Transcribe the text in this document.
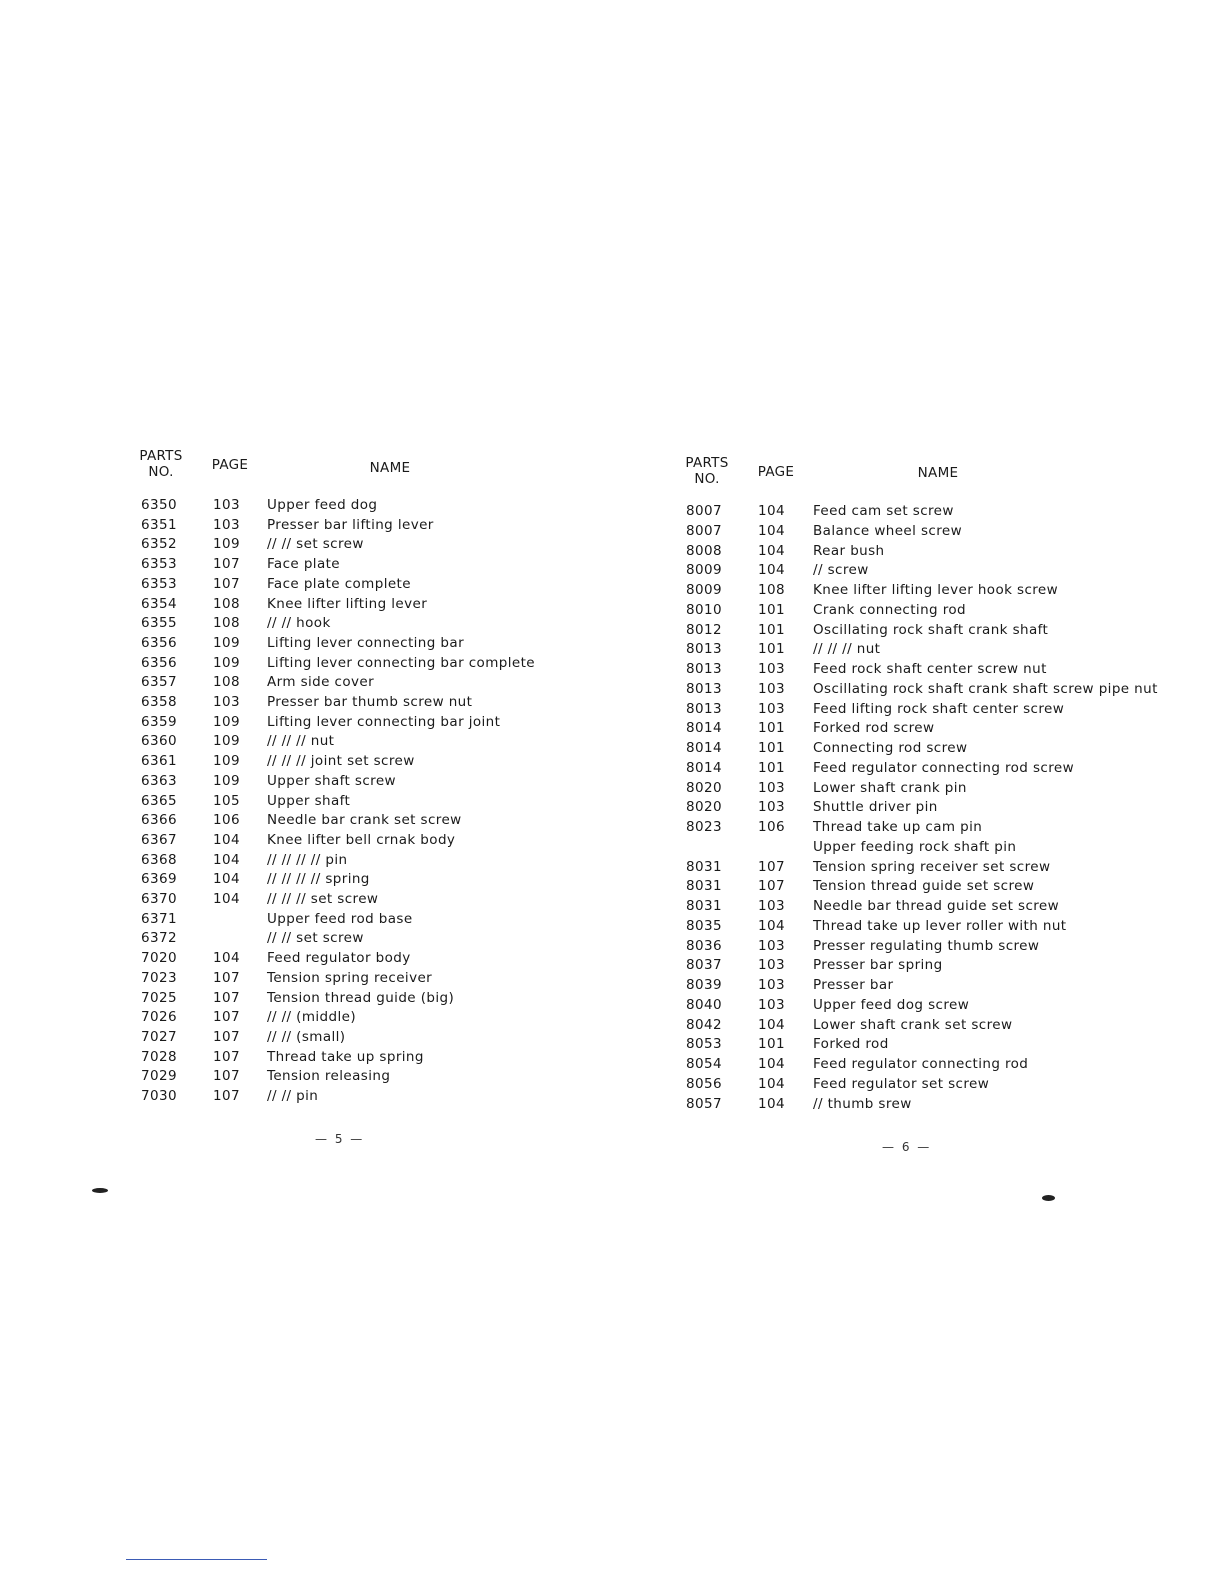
PARTS NO.	PAGE	NAME
6350	103 Upper feed dog
6351	103 Presser bar lifting lever
6352	109 // // set screw
6353	107 Face plate
6353	107 Face plate complete
6354	108 Knee lifter lifting lever
6355	108 // // hook
6356	109 Lifting lever connecting bar
6356	109 Lifting lever connecting bar complete
6357	108 Arm side cover
6358	103 Presser bar thumb screw nut
6359	109 Lifting lever connecting bar joint
6360	109 // // // nut
6361	109 // // // joint set screw
6363	109 Upper shaft screw
6365	105 Upper shaft
6366	106 Needle bar crank set screw
6367	104 Knee lifter bell crnak body
6368	104 // // // // pin
6369	104 // // // // spring
6370	104 // // // set screw
6371	Upper feed rod base
6372	// // set screw
7020	104 Feed regulator body
7023	107 Tension spring receiver
7025	107 Tension thread guide (big)
7026	107 // // (middle)
7027	107 // // (small)
7028	107 Thread take up spring
7029	107 Tension releasing
7030	107 // // pin
— 5 —
PARTS NO.	PAGE	NAME
8007	104 Feed cam set screw
8007	104 Balance wheel screw
8008	104 Rear bush
8009	104 // screw
8009	108 Knee lifter lifting lever hook screw
8010	101 Crank connecting rod
8012	101 Oscillating rock shaft crank shaft
8013	101 // // // nut
8013	103 Feed rock shaft center screw nut
8013	103 Oscillating rock shaft crank shaft screw pipe nut
8013	103 Feed lifting rock shaft center screw
8014	101 Forked rod screw
8014	101 Connecting rod screw
8014	101 Feed regulator connecting rod screw
8020	103 Lower shaft crank pin
8020	103 Shuttle driver pin
8023	106 Thread take up cam pin
Upper feeding rock shaft pin
8031	107 Tension spring receiver set screw
8031	107 Tension thread guide set screw
8031	103 Needle bar thread guide set screw
8035	104 Thread take up lever roller with nut
8036	103 Presser regulating thumb screw
8037	103 Presser bar spring
8039	103 Presser bar
8040	103 Upper feed dog screw
8042	104 Lower shaft crank set screw
8053	101 Forked rod
8054	104 Feed regulator connecting rod
8056	104 Feed regulator set screw
8057	104 // thumb srew
— 6 —
